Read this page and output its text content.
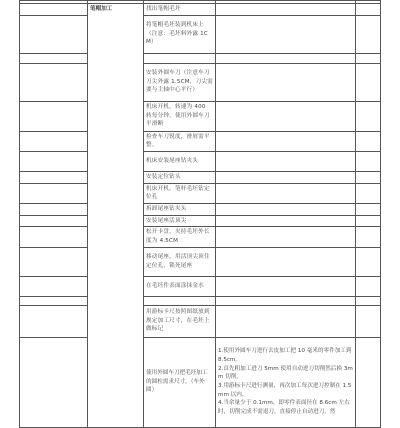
	笔帽加工	找出笔帽毛坯		
		将笔帽毛坯装到机床上（注意：毛坯料外露 1CM）		

		安装外圆车刀（注意车刀刀尖外露 1.5CM，刀尖需要与主轴中心平行）		
		机床开机，转速为 400 转每分钟，使用外圆车刀平滑断		
		检查车刀锐度，滑屑需平整。		
		机床安装尾座钻夹头		
		安装定位钻头		
		机床开机，笔杆毛坯钻定位孔		
		拆卸尾座钻夹头		
		安装尾座活顶尖		
		松开卡盘，夹持毛坯外长度为 4.5CM		
		移动尾座，用活顶尖顶住定位孔，锁死尾座		
		在毛坯件表面涂抹金水		

		用游标卡尺按照图纸放到规定加工尺寸，在毛坯上做标记		
		使用外圆车刀把毛坯加工的圆柱需求尺寸。（车外圆）	1.使用外圆车刀进行去皮加工把 10 毫米的零件加工到 8.5cm。
2.首先粗加工进刀 5mm 使用自动进刀切削然后换 3mm 切削。
3.用游标卡尺进行测量，再次加工每次进刀控制在 1.5mm 以内。
4.当余量少于 0.1mm，即零件表面径在 8.6cm 左右时，切削完成不需退刀，直接停止自动进刀，然	
